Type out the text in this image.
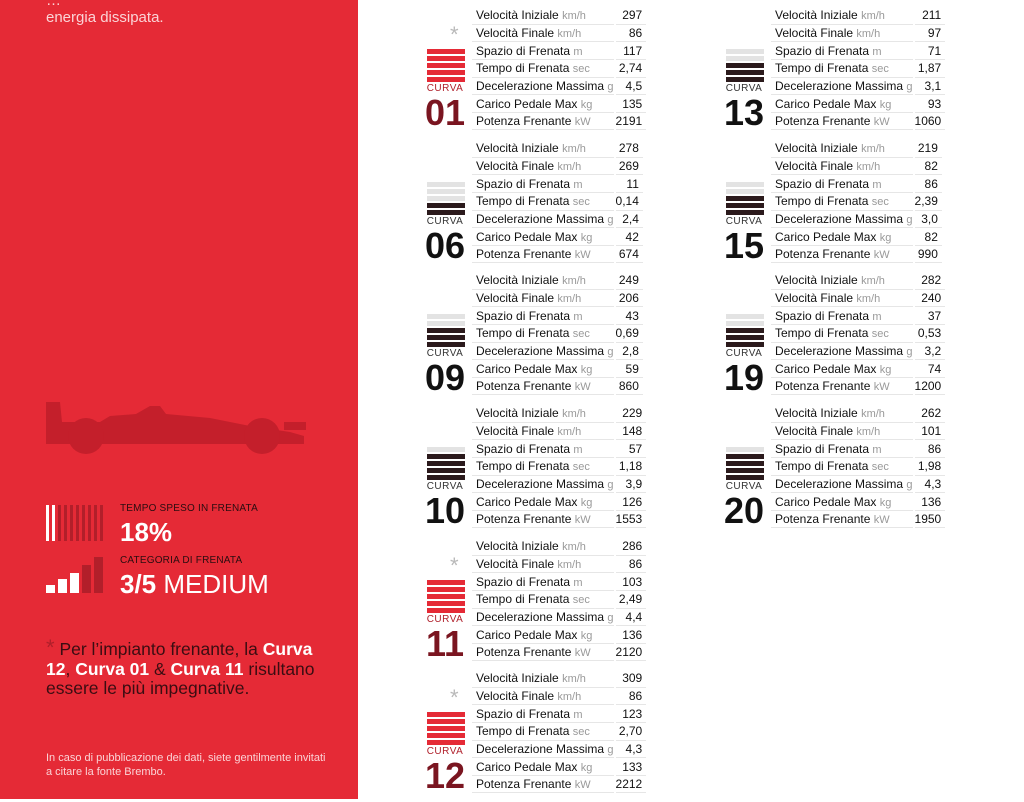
…
energia dissipata.
TEMPO SPESO IN FRENATA
18%
CATEGORIA DI FRENATA
3/5 MEDIUM
* Per l’impianto frenante, la Curva 12, Curva 01 & Curva 11 risultano essere le più impegnative.
In caso di pubblicazione dei dati, siete gentilmente invitati a citare la fonte Brembo.
*
CURVA
01
Velocità Iniziale km/h	297
Velocità Finale km/h	86
Spazio di Frenata m	117
Tempo di Frenata sec	2,74
Decelerazione Massima g	4,5
Carico Pedale Max kg	135
Potenza Frenante kW	2191
CURVA
06
Velocità Iniziale km/h	278
Velocità Finale km/h	269
Spazio di Frenata m	11
Tempo di Frenata sec	0,14
Decelerazione Massima g	2,4
Carico Pedale Max kg	42
Potenza Frenante kW	674
CURVA
09
Velocità Iniziale km/h	249
Velocità Finale km/h	206
Spazio di Frenata m	43
Tempo di Frenata sec	0,69
Decelerazione Massima g	2,8
Carico Pedale Max kg	59
Potenza Frenante kW	860
CURVA
10
Velocità Iniziale km/h	229
Velocità Finale km/h	148
Spazio di Frenata m	57
Tempo di Frenata sec	1,18
Decelerazione Massima g	3,9
Carico Pedale Max kg	126
Potenza Frenante kW	1553
*
CURVA
11
Velocità Iniziale km/h	286
Velocità Finale km/h	86
Spazio di Frenata m	103
Tempo di Frenata sec	2,49
Decelerazione Massima g	4,4
Carico Pedale Max kg	136
Potenza Frenante kW	2120
*
CURVA
12
Velocità Iniziale km/h	309
Velocità Finale km/h	86
Spazio di Frenata m	123
Tempo di Frenata sec	2,70
Decelerazione Massima g	4,3
Carico Pedale Max kg	133
Potenza Frenante kW	2212
CURVA
13
Velocità Iniziale km/h	211
Velocità Finale km/h	97
Spazio di Frenata m	71
Tempo di Frenata sec	1,87
Decelerazione Massima g	3,1
Carico Pedale Max kg	93
Potenza Frenante kW	1060
CURVA
15
Velocità Iniziale km/h	219
Velocità Finale km/h	82
Spazio di Frenata m	86
Tempo di Frenata sec	2,39
Decelerazione Massima g	3,0
Carico Pedale Max kg	82
Potenza Frenante kW	990
CURVA
19
Velocità Iniziale km/h	282
Velocità Finale km/h	240
Spazio di Frenata m	37
Tempo di Frenata sec	0,53
Decelerazione Massima g	3,2
Carico Pedale Max kg	74
Potenza Frenante kW	1200
CURVA
20
Velocità Iniziale km/h	262
Velocità Finale km/h	101
Spazio di Frenata m	86
Tempo di Frenata sec	1,98
Decelerazione Massima g	4,3
Carico Pedale Max kg	136
Potenza Frenante kW	1950
